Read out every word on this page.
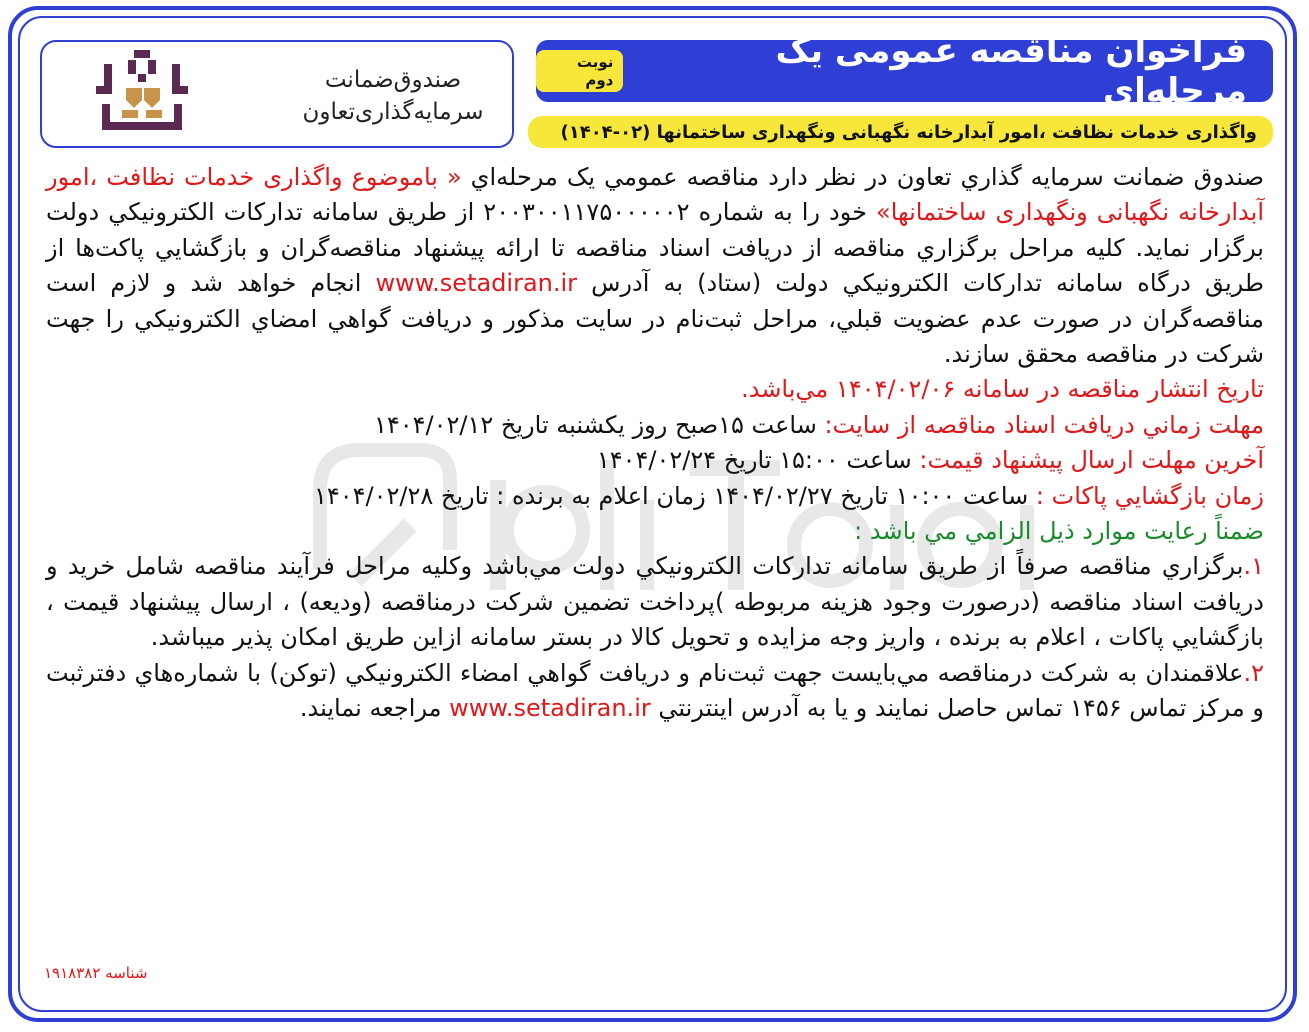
فراخوان مناقصه عمومی یک مرحله‌ای
نوبت دوم
واگذاری خدمات نظافت ،امور آبدارخانه نگهبانی ونگهداری ساختمانها (۰۲-۱۴۰۴)
صندوق‌ضمانت
سرمایه‌گذاری‌تعاون

صندوق ضمانت سرمايه گذاري تعاون در نظر دارد مناقصه عمومي يک مرحله‌اي « باموضوع واگذاری خدمات نظافت ،امور آبدارخانه نگهبانی ونگهداری ساختمانها» خود را به شماره ۲۰۰۳۰۰۱۱۷۵۰۰۰۰۰۲ از طريق سامانه تدارکات الکترونيکي دولت برگزار نمايد. کليه مراحل برگزاري مناقصه از دريافت اسناد مناقصه تا ارائه پيشنهاد مناقصه‌گران و بازگشايي پاکت‌ها از طريق درگاه سامانه تدارکات الکترونيکي دولت (ستاد) به آدرس www.setadiran.ir انجام خواهد شد و لازم است مناقصه‌گران در صورت عدم عضويت قبلي، مراحل ثبت‌نام در سايت مذکور و دريافت گواهي امضاي الکترونيکي را جهت شرکت در مناقصه محقق سازند.

تاريخ انتشار مناقصه در سامانه ۱۴۰۴/۰۲/۰۶ مي‌باشد.

مهلت زماني دريافت اسناد مناقصه از سايت: ساعت ۱۵صبح روز یکشنبه تاريخ ۱۴۰۴/۰۲/۱۲

آخرين مهلت ارسال پيشنهاد قيمت: ساعت ۱۵:۰۰ تاريخ ۱۴۰۴/۰۲/۲۴

زمان بازگشايي پاکات : ساعت ۱۰:۰۰ تاريخ ۱۴۰۴/۰۲/۲۷ زمان اعلام به برنده : تاریخ ۱۴۰۴/۰۲/۲۸

ضمناً رعايت موارد ذيل الزامي مي باشد :

۱.برگزاري مناقصه صرفاً از طريق سامانه تدارکات الکترونيکي دولت مي‌باشد وکليه مراحل فرآيند مناقصه شامل خريد و دريافت اسناد مناقصه (درصورت وجود هزينه مربوطه )پرداخت تضمين شرکت درمناقصه (وديعه) ، ارسال پيشنهاد قيمت ، بازگشايي پاکات ، اعلام به برنده ، واريز وجه مزايده و تحويل کالا در بستر سامانه ازاين طريق امکان پذير ميباشد.

۲.علاقمندان به شرکت درمناقصه مي‌بايست جهت ثبت‌نام و دريافت گواهي امضاء الکترونيکي (توکن) با شماره‌هاي دفترثبت و مرکز تماس ۱۴۵۶ تماس حاصل نمايند و يا به آدرس اينترنتي www.setadiran.ir مراجعه نمايند.

شناسه ۱۹۱۸۳۸۲
